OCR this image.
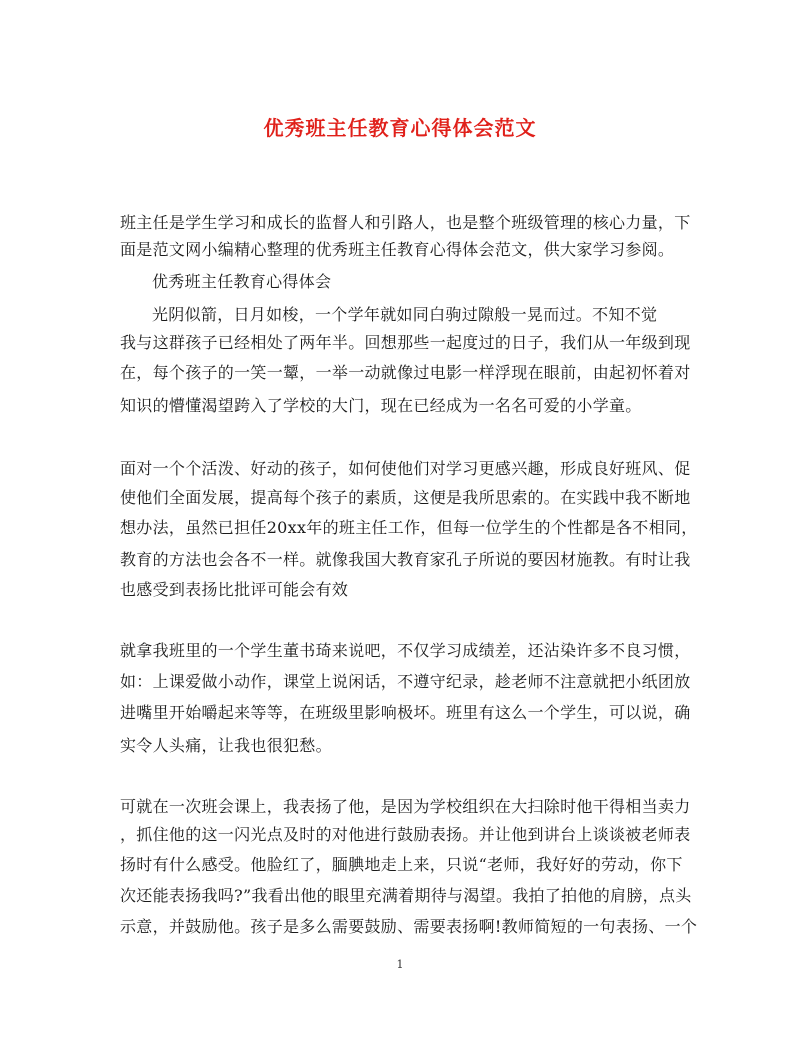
优秀班主任教育心得体会范文
班主任是学生学习和成长的监督人和引路人，也是整个班级管理的核心力量，下
面是范文网小编精心整理的优秀班主任教育心得体会范文，供大家学习参阅。
优秀班主任教育心得体会
光阴似箭，日月如梭，一个学年就如同白驹过隙般一晃而过。不知不觉
我与这群孩子已经相处了两年半。回想那些一起度过的日子，我们从一年级到现
在，每个孩子的一笑一颦，一举一动就像过电影一样浮现在眼前，由起初怀着对
知识的懵懂渴望跨入了学校的大门，现在已经成为一名名可爱的小学童。
面对一个个活泼、好动的孩子，如何使他们对学习更感兴趣，形成良好班风、促
使他们全面发展，提高每个孩子的素质，这便是我所思索的。在实践中我不断地
想办法，虽然已担任20xx年的班主任工作，但每一位学生的个性都是各不相同，
教育的方法也会各不一样。就像我国大教育家孔子所说的要因材施教。有时让我
也感受到表扬比批评可能会有效
就拿我班里的一个学生董书琦来说吧，不仅学习成绩差，还沾染许多不良习惯，
如：上课爱做小动作，课堂上说闲话，不遵守纪录，趁老师不注意就把小纸团放
进嘴里开始嚼起来等等，在班级里影响极坏。班里有这么一个学生，可以说，确
实令人头痛，让我也很犯愁。
可就在一次班会课上，我表扬了他，是因为学校组织在大扫除时他干得相当卖力
，抓住他的这一闪光点及时的对他进行鼓励表扬。并让他到讲台上谈谈被老师表
扬时有什么感受。他脸红了，腼腆地走上来，只说“老师，我好好的劳动，你下
次还能表扬我吗?”我看出他的眼里充满着期待与渴望。我拍了拍他的肩膀，点头
示意，并鼓励他。孩子是多么需要鼓励、需要表扬啊!教师简短的一句表扬、一个
1
